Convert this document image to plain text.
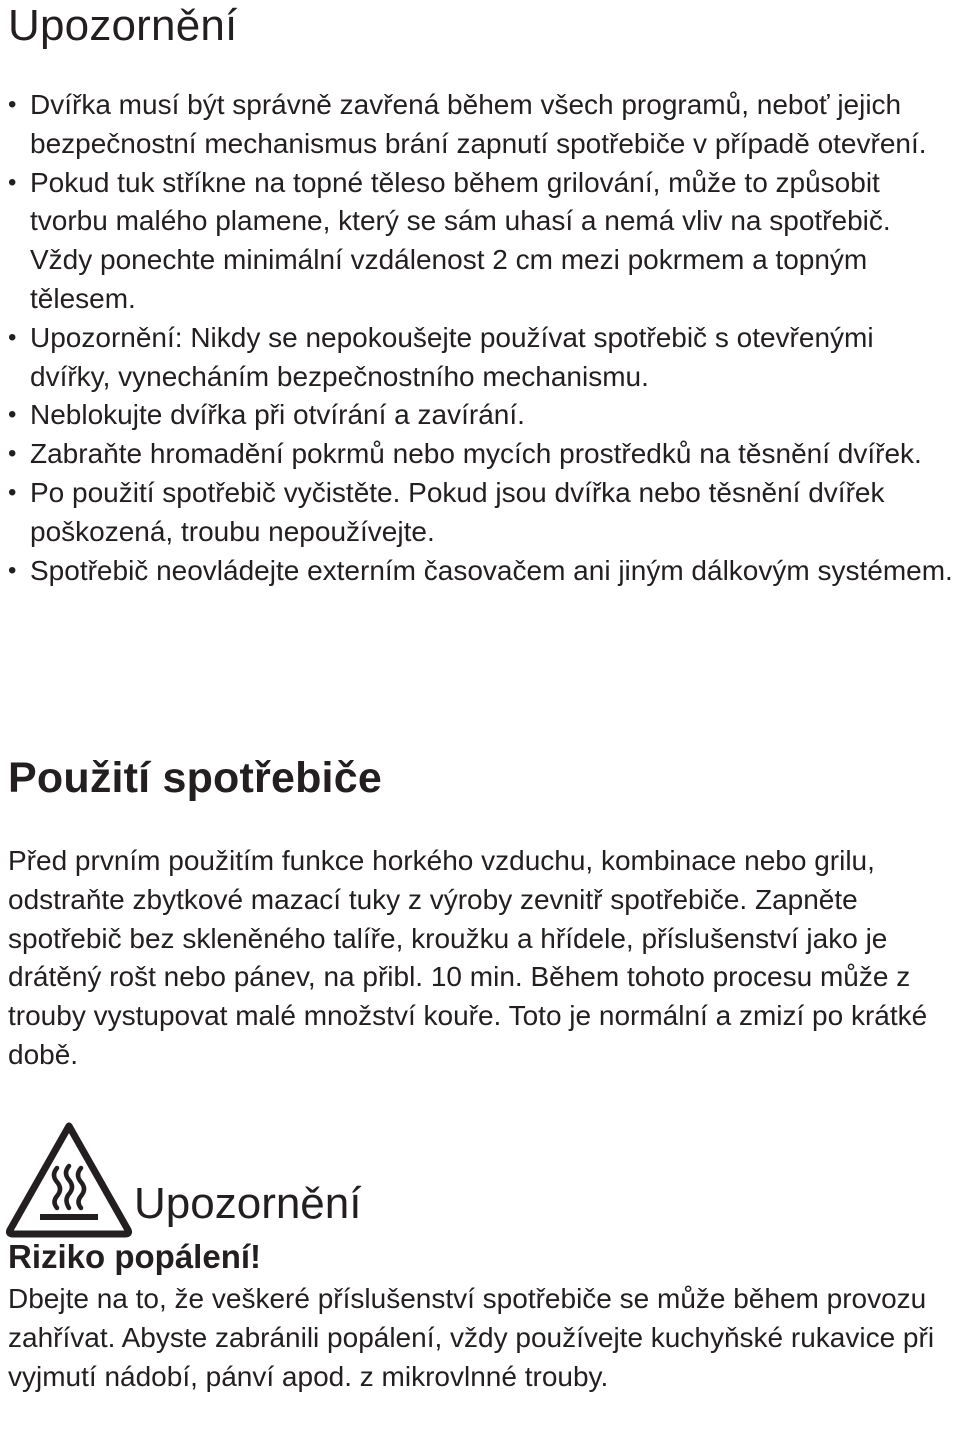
Upozornění
• Dvířka musí být správně zavřená během všech programů, neboť jejich bezpečnostní mechanismus brání zapnutí spotřebiče v případě otevření.
• Pokud tuk stříkne na topné těleso během grilování, může to způsobit tvorbu malého plamene, který se sám uhasí a nemá vliv na spotřebič. Vždy ponechte minimální vzdálenost 2 cm mezi pokrmem a topným tělesem.
• Upozornění: Nikdy se nepokoušejte používat spotřebič s otevřenými dvířky, vynecháním bezpečnostního mechanismu.
• Neblokujte dvířka při otvírání a zavírání.
• Zabraňte hromadění pokrmů nebo mycích prostředků na těsnění dvířek.
• Po použití spotřebič vyčistěte. Pokud jsou dvířka nebo těsnění dvířek poškozená, troubu nepoužívejte.
• Spotřebič neovládejte externím časovačem ani jiným dálkovým systémem.
Použití spotřebiče

Před prvním použitím funkce horkého vzduchu, kombinace nebo grilu, odstraňte zbytkové mazací tuky z výroby zevnitř spotřebiče. Zapněte spotřebič bez skleněného talíře, kroužku a hřídele, příslušenství jako je drátěný rošt nebo pánev, na přibl. 10 min. Během tohoto procesu může z trouby vystupovat malé množství kouře. Toto je normální a zmizí po krátké době.

Upozornění
Riziko popálení!

Dbejte na to, že veškeré příslušenství spotřebiče se může během provozu zahřívat. Abyste zabránili popálení, vždy používejte kuchyňské rukavice při vyjmutí nádobí, pánví apod. z mikrovlnné trouby.
